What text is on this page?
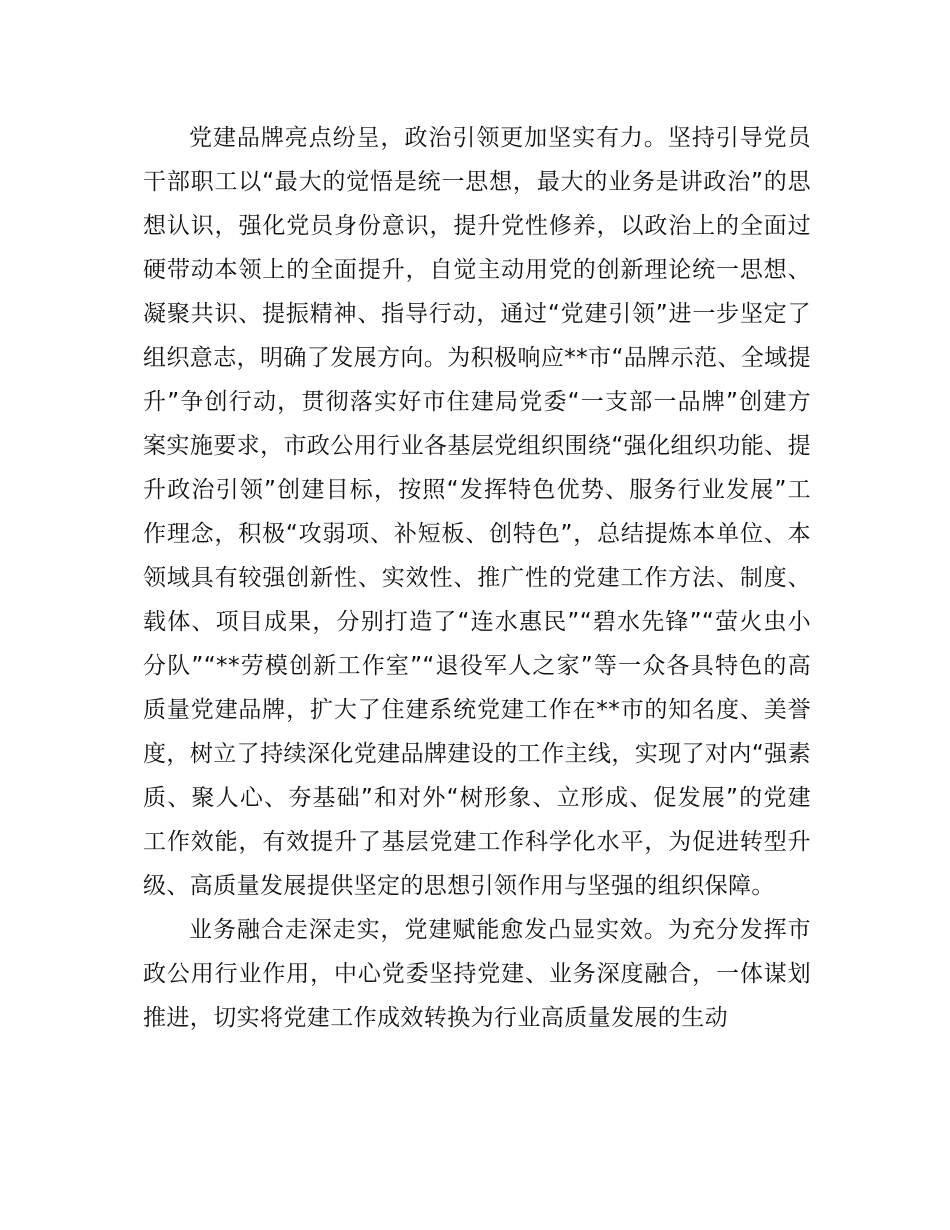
党建品牌亮点纷呈，政治引领更加坚实有力。坚持引导党员干部职工以“最大的觉悟是统一思想，最大的业务是讲政治”的思想认识，强化党员身份意识，提升党性修养，以政治上的全面过硬带动本领上的全面提升，自觉主动用党的创新理论统一思想、凝聚共识、提振精神、指导行动，通过“党建引领”进一步坚定了组织意志，明确了发展方向。为积极响应**市“品牌示范、全域提升”争创行动，贯彻落实好市住建局党委“一支部一品牌”创建方案实施要求，市政公用行业各基层党组织围绕“强化组织功能、提升政治引领”创建目标，按照“发挥特色优势、服务行业发展”工作理念，积极“攻弱项、补短板、创特色”，总结提炼本单位、本领域具有较强创新性、实效性、推广性的党建工作方法、制度、载体、项目成果，分别打造了“连水惠民”“碧水先锋”“萤火虫小分队”“**劳模创新工作室”“退役军人之家”等一众各具特色的高质量党建品牌，扩大了住建系统党建工作在**市的知名度、美誉度，树立了持续深化党建品牌建设的工作主线，实现了对内“强素质、聚人心、夯基础”和对外“树形象、立形成、促发展”的党建工作效能，有效提升了基层党建工作科学化水平，为促进转型升级、高质量发展提供坚定的思想引领作用与坚强的组织保障。

业务融合走深走实，党建赋能愈发凸显实效。为充分发挥市政公用行业作用，中心党委坚持党建、业务深度融合，一体谋划推进，切实将党建工作成效转换为行业高质量发展的生动
